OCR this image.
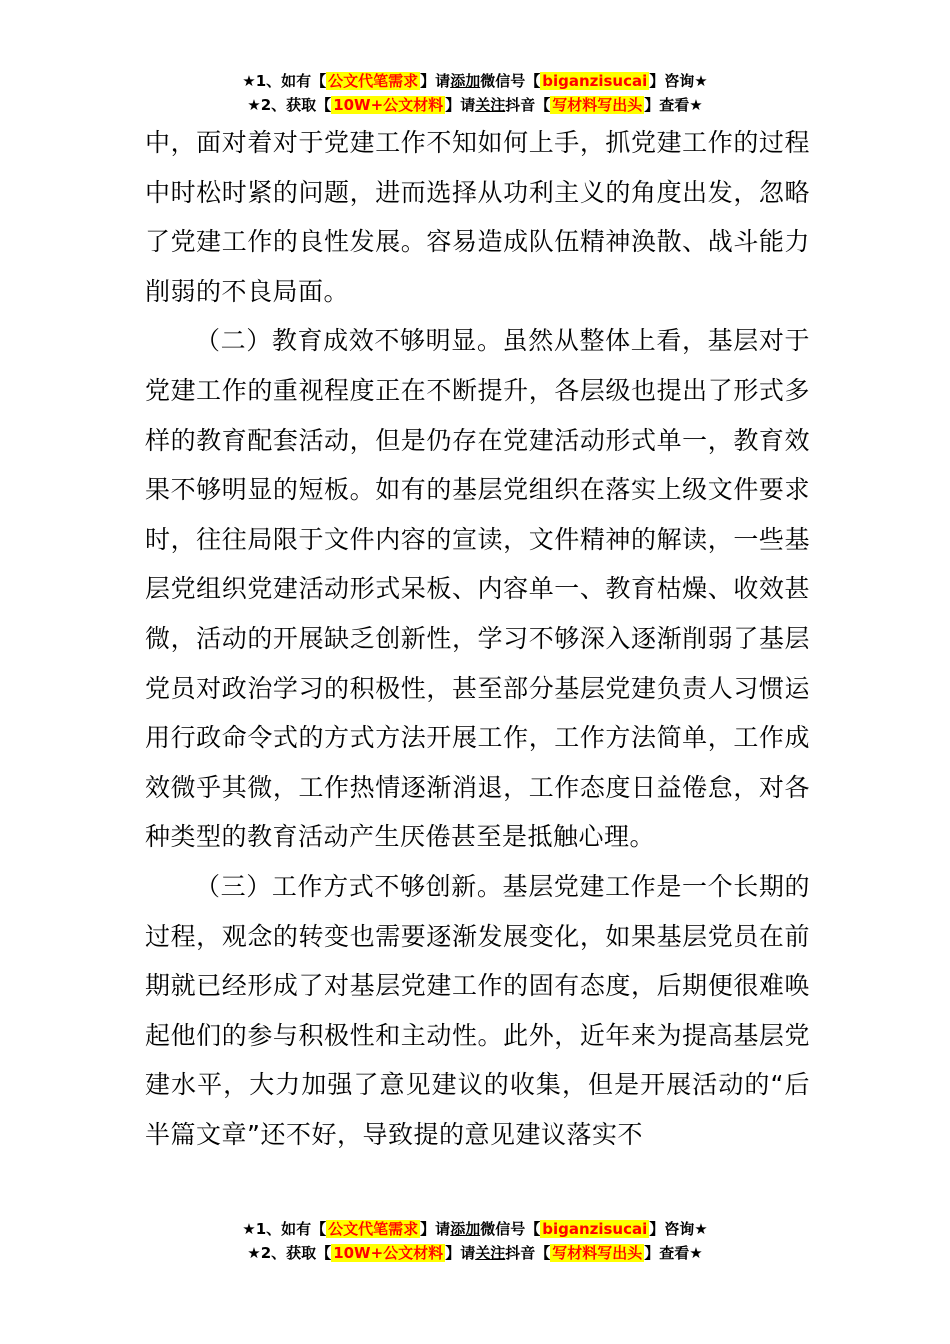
★1、如有【 公文代笔需求 】请添加微信号【 biganzisucai 】咨询★
★2、获取【 10W+公文材料 】请关注抖音【 写材料写出头 】查看★

中，面对着对于党建工作不知如何上手，抓党建工作的过程中时松时紧的问题，进而选择从功利主义的角度出发，忽略了党建工作的良性发展。容易造成队伍精神涣散、战斗能力削弱的不良局面。

（二）教育成效不够明显。虽然从整体上看，基层对于党建工作的重视程度正在不断提升，各层级也提出了形式多样的教育配套活动，但是仍存在党建活动形式单一，教育效果不够明显的短板。如有的基层党组织在落实上级文件要求时，往往局限于文件内容的宣读，文件精神的解读，一些基层党组织党建活动形式呆板、内容单一、教育枯燥、收效甚微，活动的开展缺乏创新性，学习不够深入逐渐削弱了基层党员对政治学习的积极性，甚至部分基层党建负责人习惯运用行政命令式的方式方法开展工作，工作方法简单，工作成效微乎其微，工作热情逐渐消退，工作态度日益倦怠，对各种类型的教育活动产生厌倦甚至是抵触心理。

（三）工作方式不够创新。基层党建工作是一个长期的过程，观念的转变也需要逐渐发展变化，如果基层党员在前期就已经形成了对基层党建工作的固有态度，后期便很难唤起他们的参与积极性和主动性。此外，近年来为提高基层党建水平，大力加强了意见建议的收集，但是开展活动的“后半篇文章”还不好，导致提的意见建议落实不

★1、如有【 公文代笔需求 】请添加微信号【 biganzisucai 】咨询★
★2、获取【 10W+公文材料 】请关注抖音【 写材料写出头 】查看★
